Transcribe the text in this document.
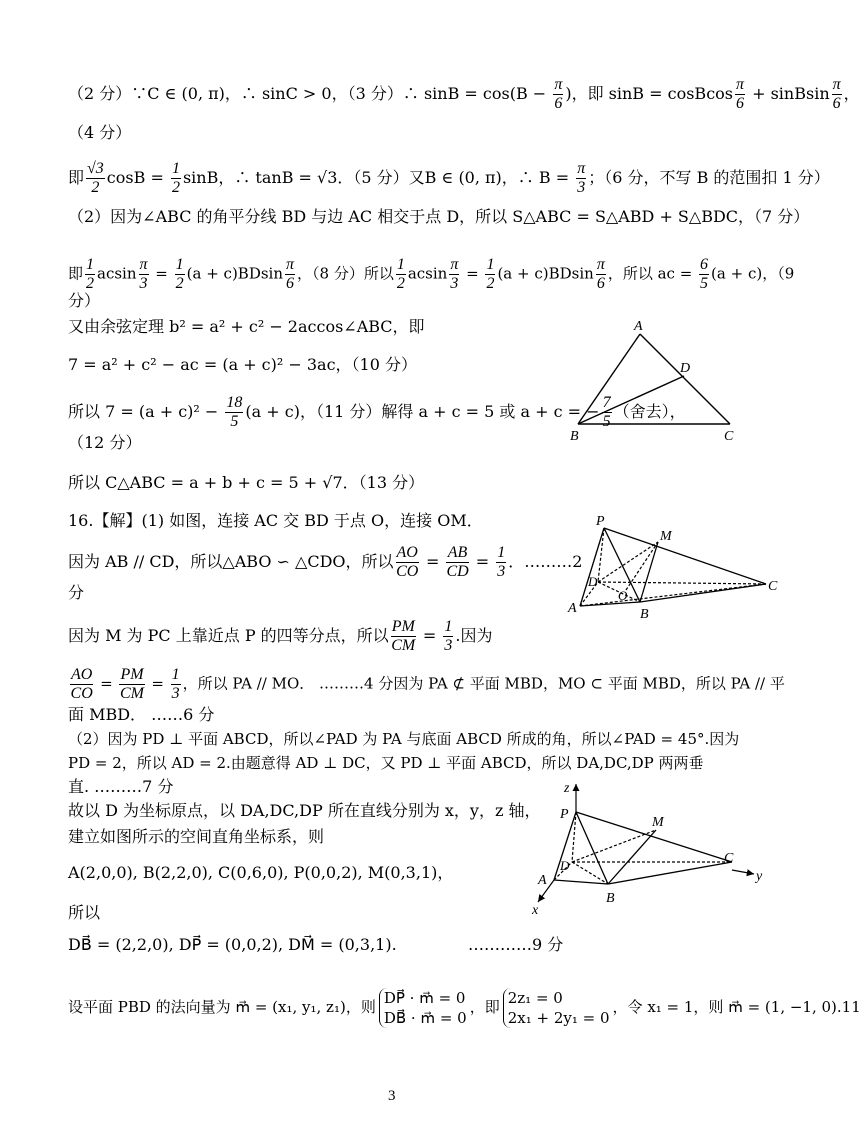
（2 分）∵C ∈ (0, π)，∴ sinC > 0，（3 分）∴ $\sin B = \cos(B - \frac{\pi}{6}$ )，即 sinB = cosBcos $\frac{\pi}{6}$ + sinBsin $\frac{\pi}{6}$ ，
（4 分）
即 $\frac{√3}{2}$ $\cos B = \frac{1}{2}$ sinB，∴ tanB = √3．（5 分）又B ∈ (0, π)，∴ $B = \frac{\pi}{3}$ ；（6 分，不写 B 的范围扣 1 分）
（2）因为∠ABC 的角平分线 BD 与边 AC 相交于点 D，所以 S△ABC = S△ABD + S△BDC，（7 分）
即 $\frac{1}{2}$ acsin $\frac{\pi}{3} = \frac{1}{2} (a + c)BDsin \frac{\pi}{6}$ ，（8 分）所以 $\frac{1}{2}$ acsin $\frac{\pi}{3} = \frac{1}{2} (a + c)BDsin \frac{\pi}{6}$ ，所以 ac = $\frac{6}{5} (a + c)$，（9
分）
又由余弦定理 b² = a² + c² − 2accos∠ABC，即
7 = a² + c² − ac = (a + c)² − 3ac，（10 分）
所以 $7 = (a + c)^2 - \frac{18}{5} (a + c)$，（11 分）解得 a + c = 5 或 a + c = − $\frac{7}{5}$ （舍去），
（12 分）
所以 C△ABC = a + b + c = 5 + √7．（13 分）
16.【解】(1) 如图，连接 AC 交 BD 于点 O，连接 OM．
因为 AB // CD，所以△ABO ∽ △CDO，所以 $\frac{AO}{CO} = \frac{AB}{CD} = \frac{1}{3}$ ．………2
分
因为 M 为 PC 上靠近点 P 的四等分点，所以 $\frac{PM}{CM} = \frac{1}{3}$ .因为
$\frac{AO}{CO} = \frac{PM}{CM} = \frac{1}{3}$ ，所以 PA // MO． ………4 分因为 PA ⊄ 平面 MBD，MO ⊂ 平面 MBD，所以 PA // 平
面 MBD． ……6 分
（2）因为 PD ⊥ 平面 ABCD，所以∠PAD 为 PA 与底面 ABCD 所成的角，所以∠PAD = 45°.因为
PD = 2，所以 AD = 2.由题意得 AD ⊥ DC，又 PD ⊥ 平面 ABCD，所以 DA,DC,DP 两两垂
直. ………7 分
故以 D 为坐标原点，以 DA,DC,DP 所在直线分别为 x，y，z 轴，
建立如图所示的空间直角坐标系，则
A(2,0,0), B(2,2,0), C(0,6,0), P(0,0,2), M(0,3,1)，
所以
DB⃗ = (2,2,0), DP⃗ = (0,0,2), DM⃗ = (0,3,1).	…………9 分
设平面 PBD 的法向量为 m⃗ = (x₁, y₁, z₁)，则 DP⃗ · m⃗ = 0
DB⃗ · m⃗ = 0
，即 2z₁ = 0
2x₁ + 2y₁ = 0
，令 x₁ = 1，则 m⃗ = (1, −1, 0).11
A
D
B	C
P
M
D
O
A	B
C
z
P
M
D
A
B
C
x
y
3
